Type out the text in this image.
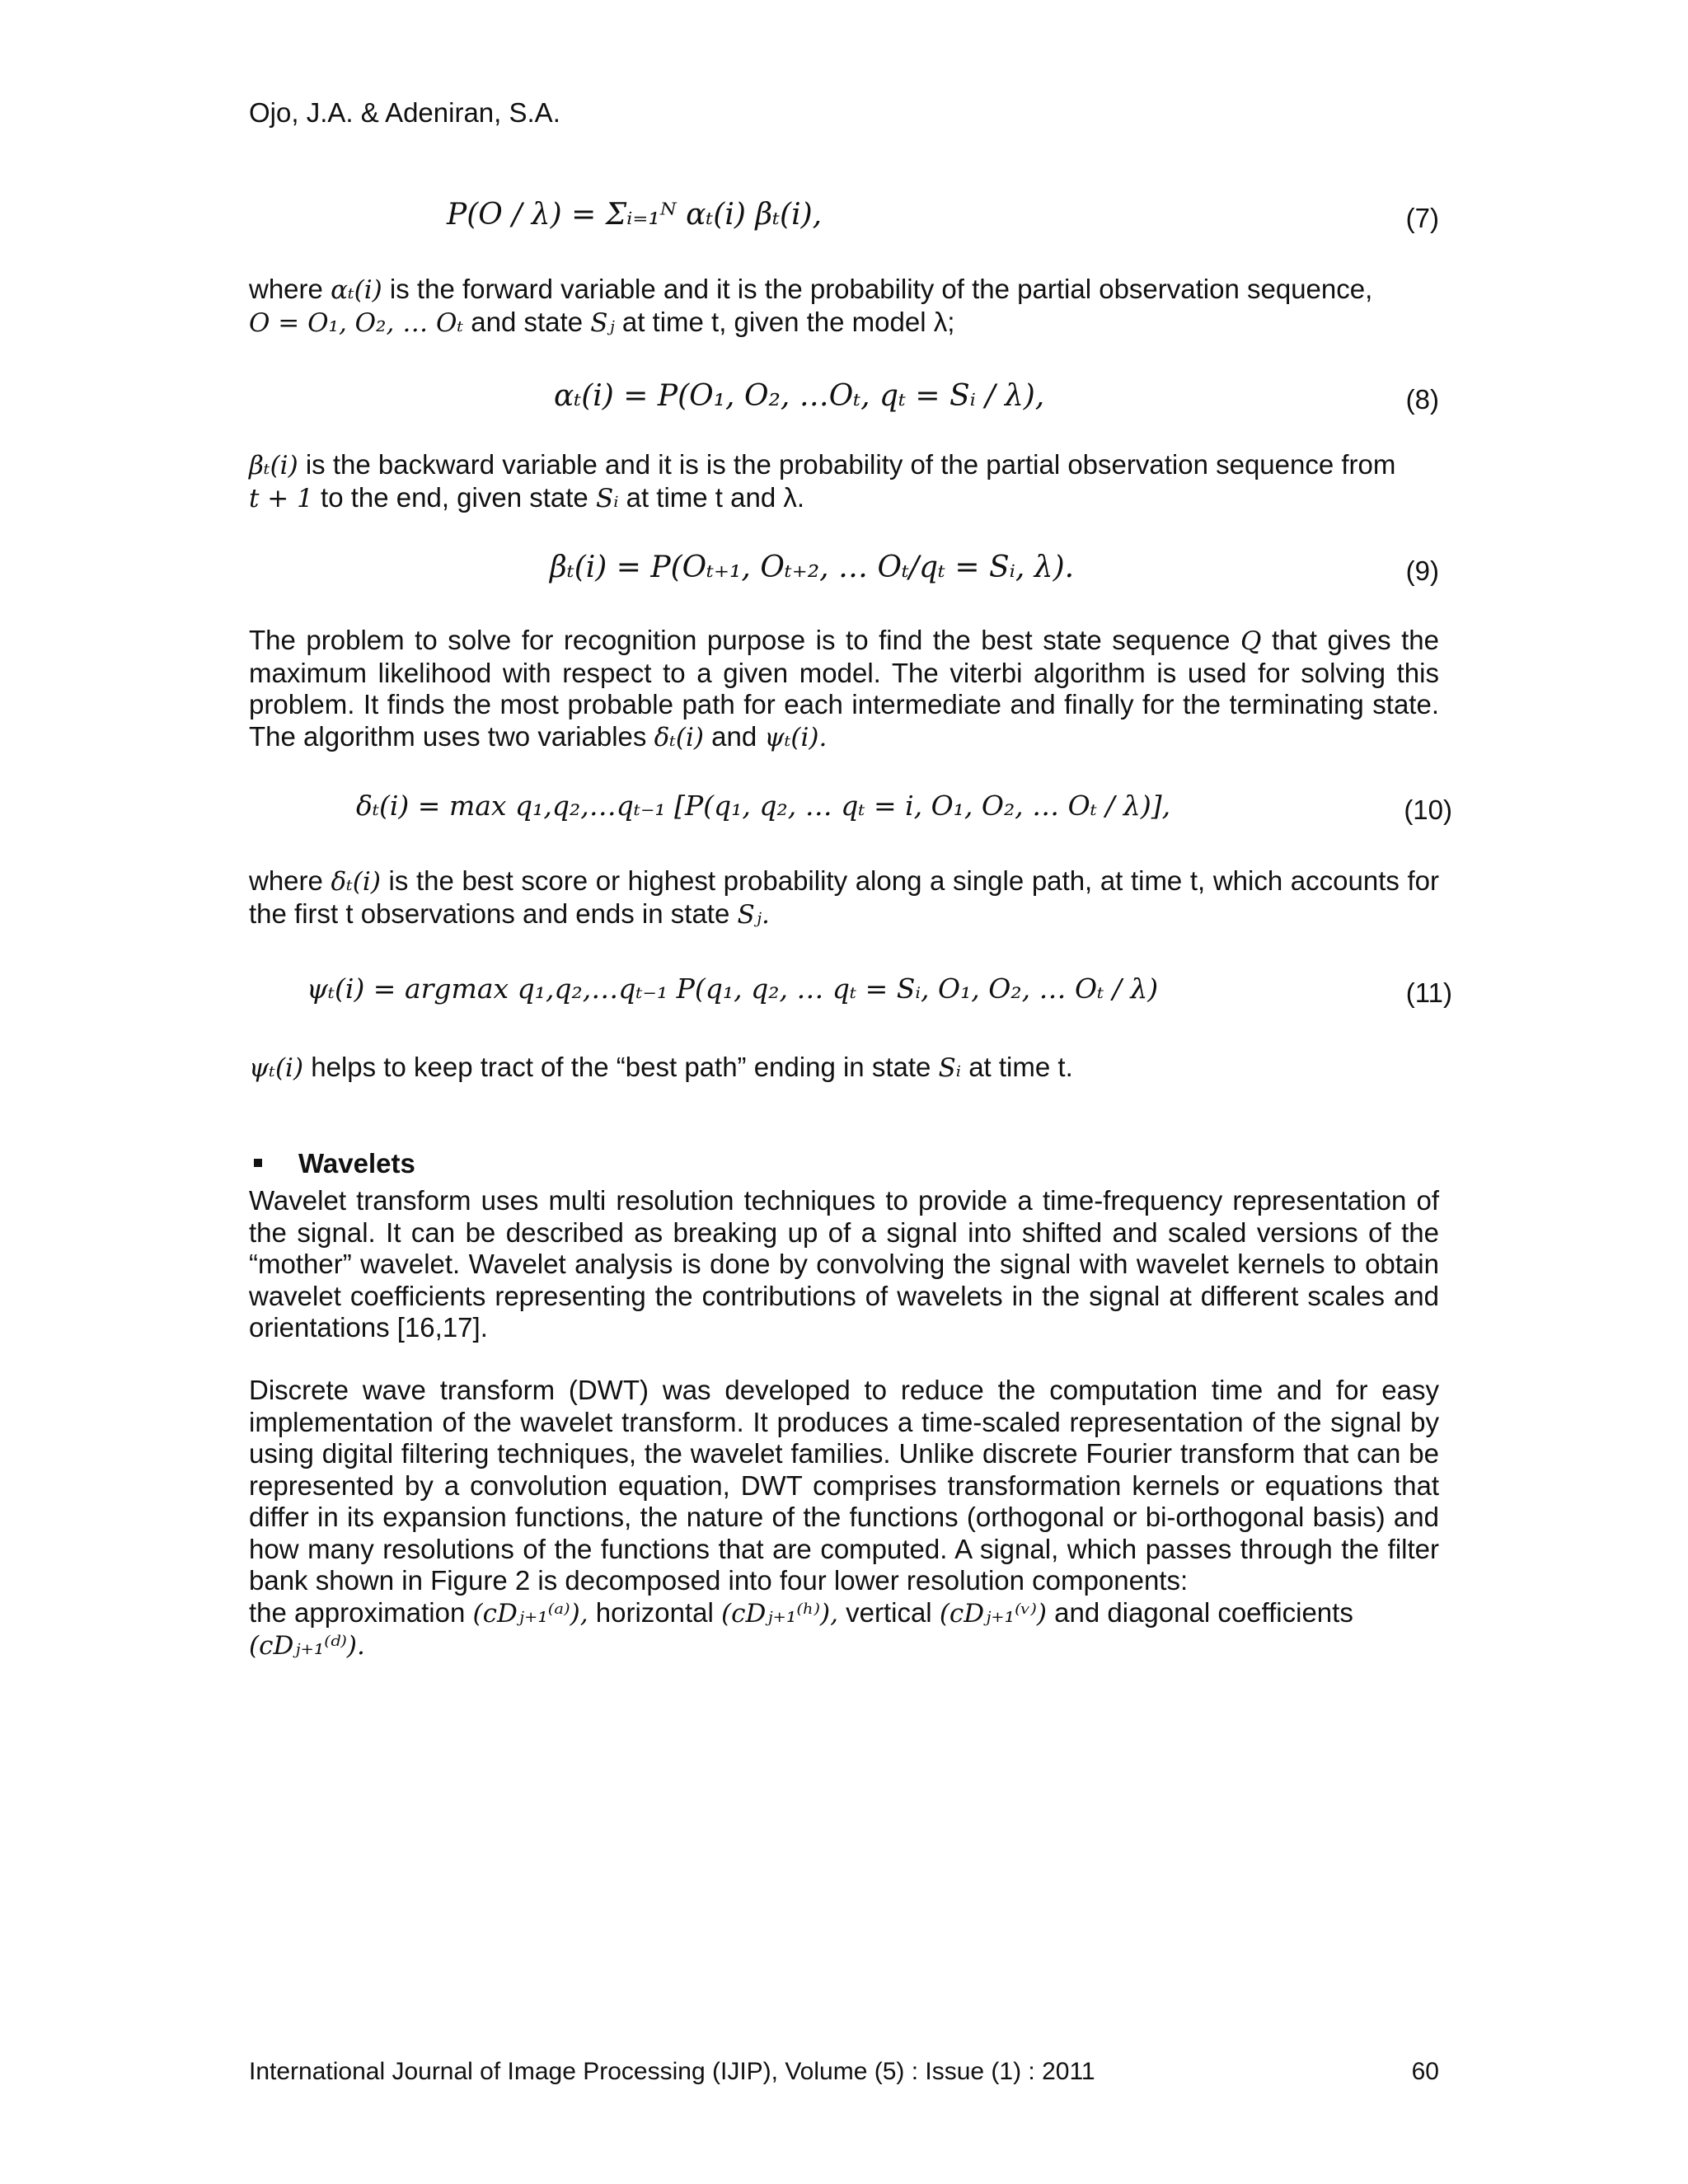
Ojo, J.A. & Adeniran, S.A.
P(O / λ) = Σᵢ₌₁ᴺ αₜ(i) βₜ(i),	(7)
where αₜ(i) is the forward variable and it is the probability of the partial observation sequence,
O = O₁, O₂, … Oₜ and state Sⱼ at time t, given the model λ;
αₜ(i) = P(O₁, O₂, …Oₜ, qₜ = Sᵢ / λ),	(8)
βₜ(i) is the backward variable and it is is the probability of the partial observation sequence from
t + 1 to the end, given state Sᵢ at time t and λ.
βₜ(i) = P(Oₜ₊₁, Oₜ₊₂, … Oₜ/qₜ = Sᵢ, λ).	(9)
The problem to solve for recognition purpose is to find the best state sequence Q that gives the maximum likelihood with respect to a given model. The viterbi algorithm is used for solving this problem. It finds the most probable path for each intermediate and finally for the terminating state. The algorithm uses two variables δₜ(i) and ψₜ(i).
δₜ(i) = max q₁,q₂,…qₜ₋₁ [P(q₁, q₂, … qₜ = i, O₁, O₂, … Oₜ / λ)],	(10)
where δₜ(i) is the best score or highest probability along a single path, at time t, which accounts for the first t observations and ends in state Sⱼ.
ψₜ(i) = argmax q₁,q₂,…qₜ₋₁ P(q₁, q₂, … qₜ = Sᵢ, O₁, O₂, … Oₜ / λ)	(11)
ψₜ(i) helps to keep tract of the “best path” ending in state Sᵢ at time t.
Wavelets
Wavelet transform uses multi resolution techniques to provide a time-frequency representation of the signal. It can be described as breaking up of a signal into shifted and scaled versions of the “mother” wavelet. Wavelet analysis is done by convolving the signal with wavelet kernels to obtain wavelet coefficients representing the contributions of wavelets in the signal at different scales and orientations [16,17].
Discrete wave transform (DWT) was developed to reduce the computation time and for easy implementation of the wavelet transform. It produces a time-scaled representation of the signal by using digital filtering techniques, the wavelet families. Unlike discrete Fourier transform that can be represented by a convolution equation, DWT comprises transformation kernels or equations that differ in its expansion functions, the nature of the functions (orthogonal or bi-orthogonal basis) and how many resolutions of the functions that are computed. A signal, which passes through the filter bank shown in Figure 2 is decomposed into four lower resolution components:
the approximation (cDⱼ₊₁⁽ᵃ⁾), horizontal (cDⱼ₊₁⁽ʰ⁾), vertical (cDⱼ₊₁⁽ᵛ⁾) and diagonal coefficients (cDⱼ₊₁⁽ᵈ⁾).
International Journal of Image Processing (IJIP), Volume (5) : Issue (1) : 2011	60
